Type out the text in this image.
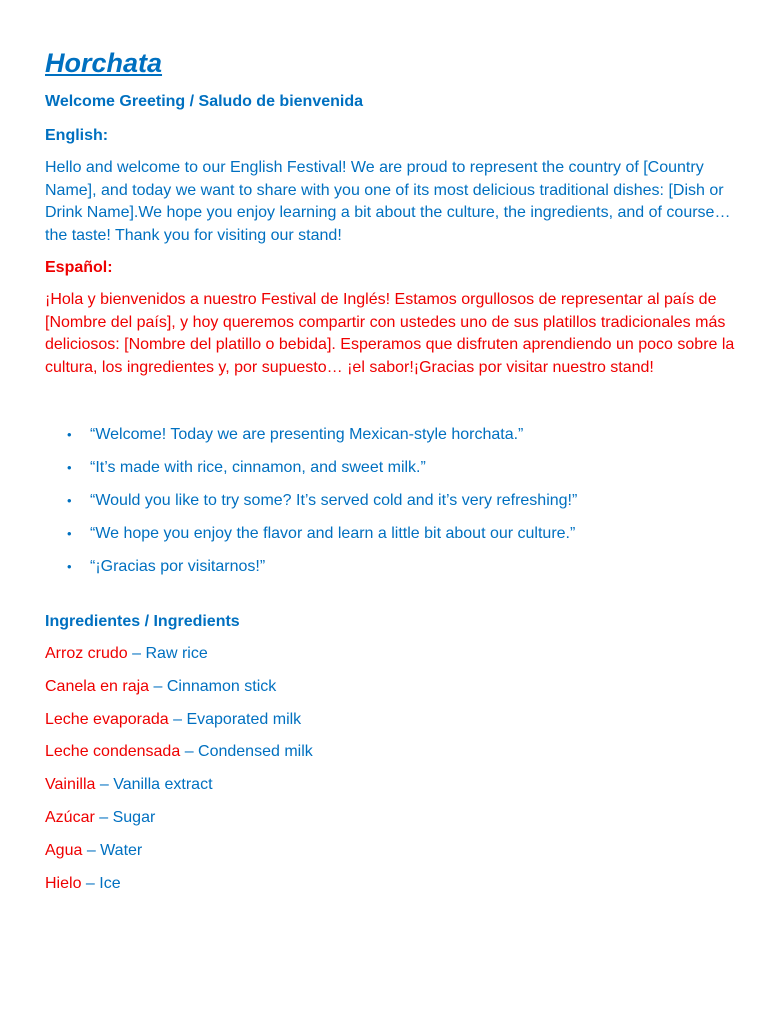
Horchata

Welcome Greeting / Saludo de bienvenida

English:

Hello and welcome to our English Festival! We are proud to represent the country of [Country Name], and today we want to share with you one of its most delicious traditional dishes: [Dish or Drink Name].We hope you enjoy learning a bit about the culture, the ingredients, and of course… the taste! Thank you for visiting our stand!

Español:

¡Hola y bienvenidos a nuestro Festival de Inglés! Estamos orgullosos de representar al país de [Nombre del país], y hoy queremos compartir con ustedes uno de sus platillos tradicionales más deliciosos: [Nombre del platillo o bebida]. Esperamos que disfruten aprendiendo un poco sobre la cultura, los ingredientes y, por supuesto… ¡el sabor!¡Gracias por visitar nuestro stand!

• “Welcome! Today we are presenting Mexican-style horchata.”
• “It’s made with rice, cinnamon, and sweet milk.”
• “Would you like to try some? It’s served cold and it’s very refreshing!”
• “We hope you enjoy the flavor and learn a little bit about our culture.”
• “¡Gracias por visitarnos!”

Ingredientes / Ingredients

Arroz crudo – Raw rice

Canela en raja – Cinnamon stick

Leche evaporada – Evaporated milk

Leche condensada – Condensed milk

Vainilla – Vanilla extract

Azúcar – Sugar

Agua – Water

Hielo – Ice
